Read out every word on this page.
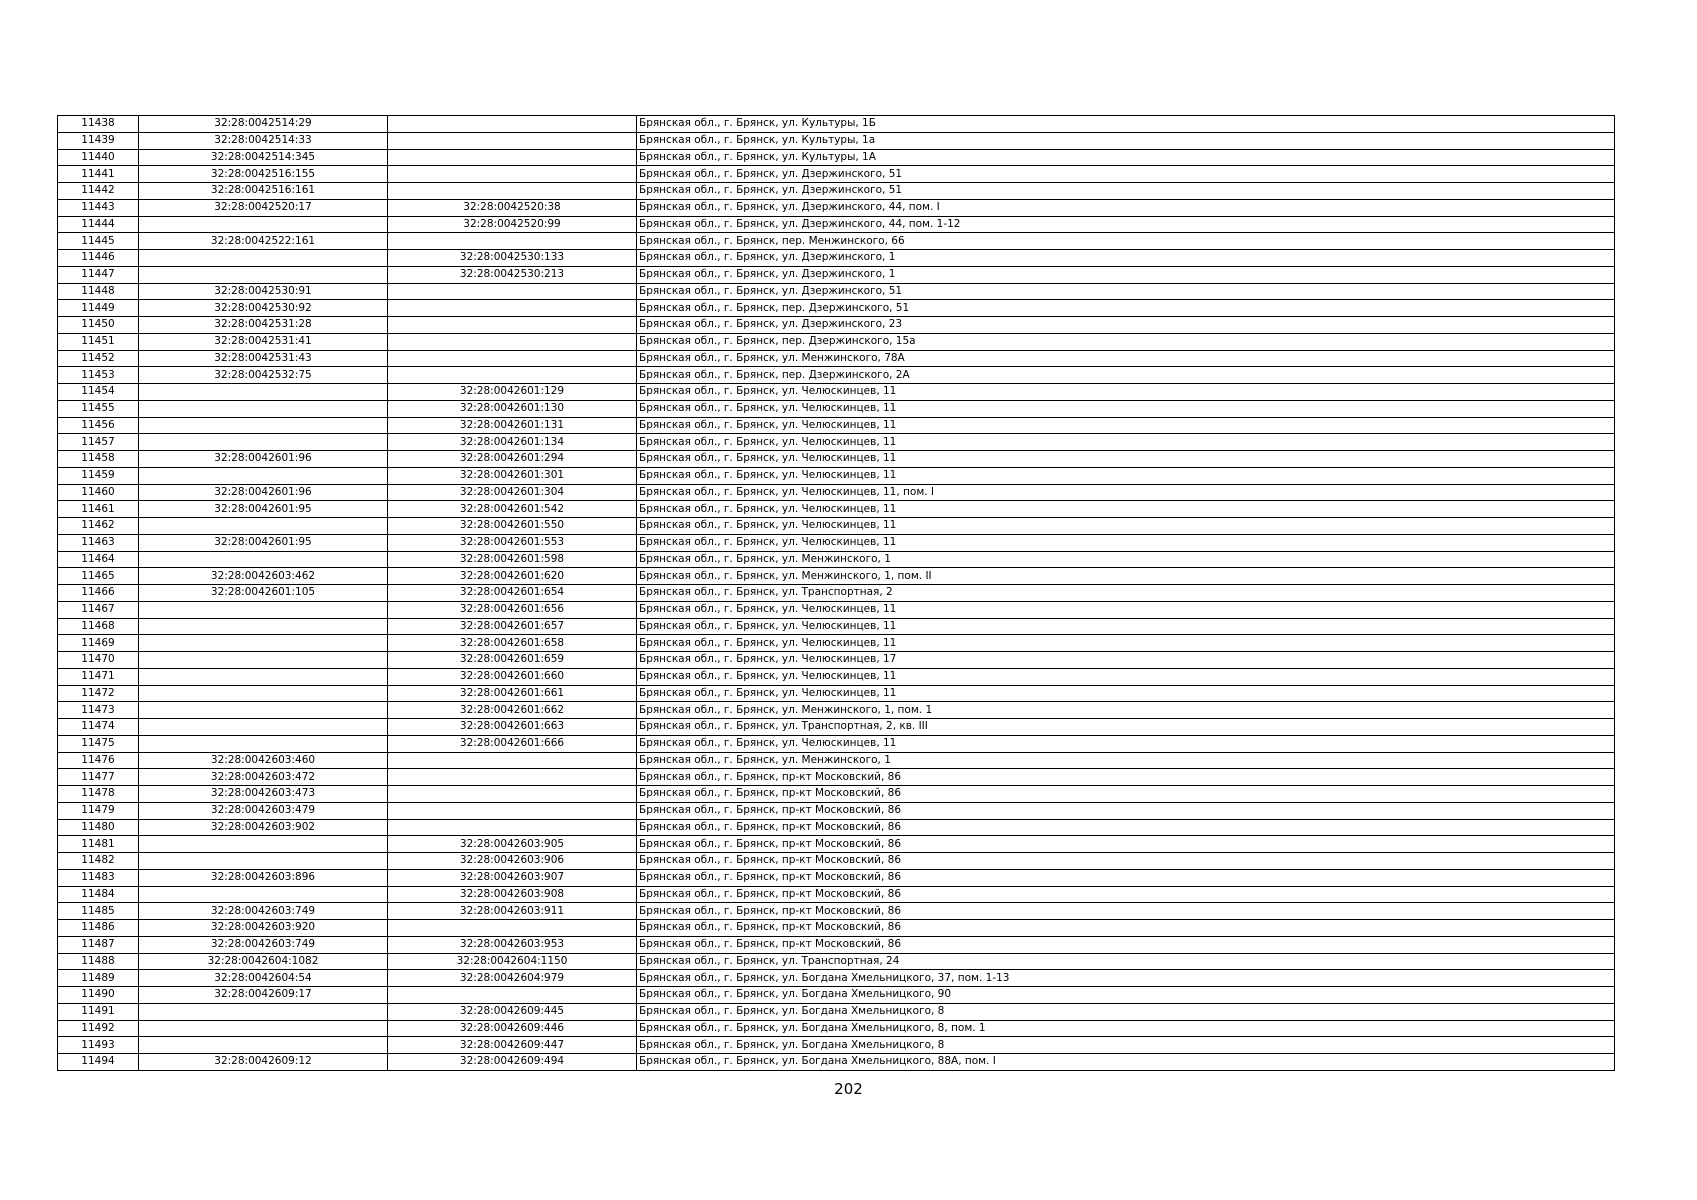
11438	32:28:0042514:29		Брянская обл., г. Брянск, ул. Культуры, 1Б
11439	32:28:0042514:33		Брянская обл., г. Брянск, ул. Культуры, 1а
11440	32:28:0042514:345		Брянская обл., г. Брянск, ул. Культуры, 1А
11441	32:28:0042516:155		Брянская обл., г. Брянск, ул. Дзержинского, 51
11442	32:28:0042516:161		Брянская обл., г. Брянск, ул. Дзержинского, 51
11443	32:28:0042520:17	32:28:0042520:38	Брянская обл., г. Брянск, ул. Дзержинского, 44, пом. I
11444		32:28:0042520:99	Брянская обл., г. Брянск, ул. Дзержинского, 44, пом. 1-12
11445	32:28:0042522:161		Брянская обл., г. Брянск, пер. Менжинского, 66
11446		32:28:0042530:133	Брянская обл., г. Брянск, ул. Дзержинского, 1
11447		32:28:0042530:213	Брянская обл., г. Брянск, ул. Дзержинского, 1
11448	32:28:0042530:91		Брянская обл., г. Брянск, ул. Дзержинского, 51
11449	32:28:0042530:92		Брянская обл., г. Брянск, пер. Дзержинского, 51
11450	32:28:0042531:28		Брянская обл., г. Брянск, ул. Дзержинского, 23
11451	32:28:0042531:41		Брянская обл., г. Брянск, пер. Дзержинского, 15а
11452	32:28:0042531:43		Брянская обл., г. Брянск, ул. Менжинского, 78А
11453	32:28:0042532:75		Брянская обл., г. Брянск, пер. Дзержинского, 2А
11454		32:28:0042601:129	Брянская обл., г. Брянск, ул. Челюскинцев, 11
11455		32:28:0042601:130	Брянская обл., г. Брянск, ул. Челюскинцев, 11
11456		32:28:0042601:131	Брянская обл., г. Брянск, ул. Челюскинцев, 11
11457		32:28:0042601:134	Брянская обл., г. Брянск, ул. Челюскинцев, 11
11458	32:28:0042601:96	32:28:0042601:294	Брянская обл., г. Брянск, ул. Челюскинцев, 11
11459		32:28:0042601:301	Брянская обл., г. Брянск, ул. Челюскинцев, 11
11460	32:28:0042601:96	32:28:0042601:304	Брянская обл., г. Брянск, ул. Челюскинцев, 11, пом. I
11461	32:28:0042601:95	32:28:0042601:542	Брянская обл., г. Брянск, ул. Челюскинцев, 11
11462		32:28:0042601:550	Брянская обл., г. Брянск, ул. Челюскинцев, 11
11463	32:28:0042601:95	32:28:0042601:553	Брянская обл., г. Брянск, ул. Челюскинцев, 11
11464		32:28:0042601:598	Брянская обл., г. Брянск, ул. Менжинского, 1
11465	32:28:0042603:462	32:28:0042601:620	Брянская обл., г. Брянск, ул. Менжинского, 1, пом. II
11466	32:28:0042601:105	32:28:0042601:654	Брянская обл., г. Брянск, ул. Транспортная, 2
11467		32:28:0042601:656	Брянская обл., г. Брянск, ул. Челюскинцев, 11
11468		32:28:0042601:657	Брянская обл., г. Брянск, ул. Челюскинцев, 11
11469		32:28:0042601:658	Брянская обл., г. Брянск, ул. Челюскинцев, 11
11470		32:28:0042601:659	Брянская обл., г. Брянск, ул. Челюскинцев, 17
11471		32:28:0042601:660	Брянская обл., г. Брянск, ул. Челюскинцев, 11
11472		32:28:0042601:661	Брянская обл., г. Брянск, ул. Челюскинцев, 11
11473		32:28:0042601:662	Брянская обл., г. Брянск, ул. Менжинского, 1, пом. 1
11474		32:28:0042601:663	Брянская обл., г. Брянск, ул. Транспортная, 2, кв. III
11475		32:28:0042601:666	Брянская обл., г. Брянск, ул. Челюскинцев, 11
11476	32:28:0042603:460		Брянская обл., г. Брянск, ул. Менжинского, 1
11477	32:28:0042603:472		Брянская обл., г. Брянск, пр-кт Московский, 86
11478	32:28:0042603:473		Брянская обл., г. Брянск, пр-кт Московский, 86
11479	32:28:0042603:479		Брянская обл., г. Брянск, пр-кт Московский, 86
11480	32:28:0042603:902		Брянская обл., г. Брянск, пр-кт Московский, 86
11481		32:28:0042603:905	Брянская обл., г. Брянск, пр-кт Московский, 86
11482		32:28:0042603:906	Брянская обл., г. Брянск, пр-кт Московский, 86
11483	32:28:0042603:896	32:28:0042603:907	Брянская обл., г. Брянск, пр-кт Московский, 86
11484		32:28:0042603:908	Брянская обл., г. Брянск, пр-кт Московский, 86
11485	32:28:0042603:749	32:28:0042603:911	Брянская обл., г. Брянск, пр-кт Московский, 86
11486	32:28:0042603:920		Брянская обл., г. Брянск, пр-кт Московский, 86
11487	32:28:0042603:749	32:28:0042603:953	Брянская обл., г. Брянск, пр-кт Московский, 86
11488	32:28:0042604:1082	32:28:0042604:1150	Брянская обл., г. Брянск, ул. Транспортная, 24
11489	32:28:0042604:54	32:28:0042604:979	Брянская обл., г. Брянск, ул. Богдана Хмельницкого, 37, пом. 1-13
11490	32:28:0042609:17		Брянская обл., г. Брянск, ул. Богдана Хмельницкого, 90
11491		32:28:0042609:445	Брянская обл., г. Брянск, ул. Богдана Хмельницкого, 8
11492		32:28:0042609:446	Брянская обл., г. Брянск, ул. Богдана Хмельницкого, 8, пом. 1
11493		32:28:0042609:447	Брянская обл., г. Брянск, ул. Богдана Хмельницкого, 8
11494	32:28:0042609:12	32:28:0042609:494	Брянская обл., г. Брянск, ул. Богдана Хмельницкого, 88А, пом. I
202
